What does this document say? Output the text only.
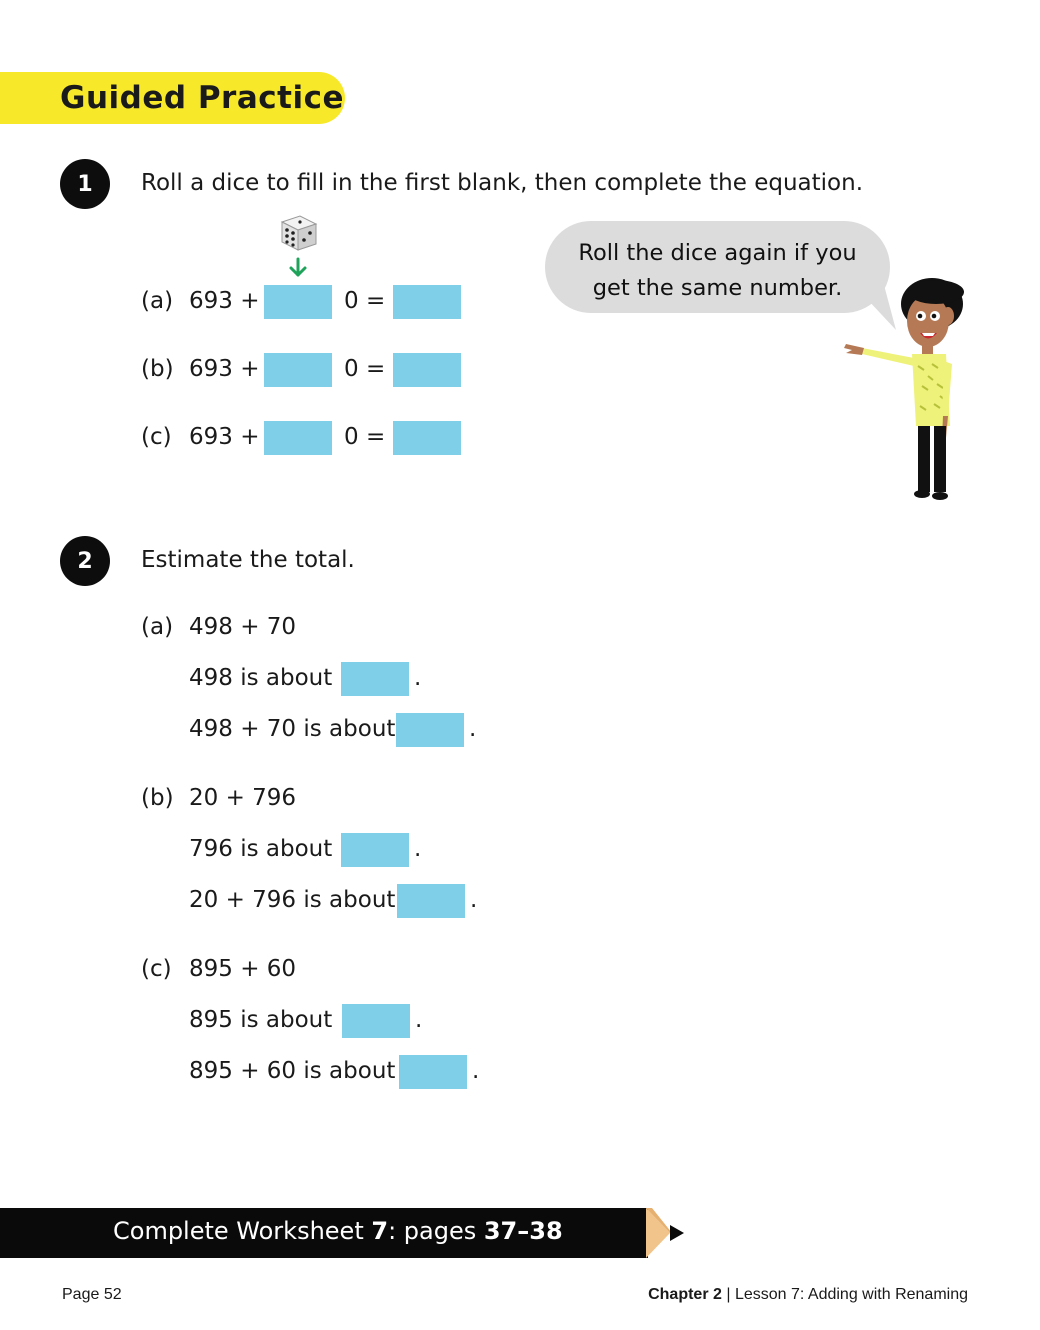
Guided Practice
1	Roll a dice to fill in the first blank, then complete the equation.
(a) 693 +	0 =
(b) 693 +	0 =
(c) 693 +	0 =
Roll the dice again if you
get the same number.
2	Estimate the total.
(a) 498 + 70
498 is about	.
498 + 70 is about	.
(b) 20 + 796
796 is about	.
20 + 796 is about	.
(c) 895 + 60
895 is about	.
895 + 60 is about	.
Complete Worksheet 7: pages 37–38
Page 52	Chapter 2 | Lesson 7: Adding with Renaming
